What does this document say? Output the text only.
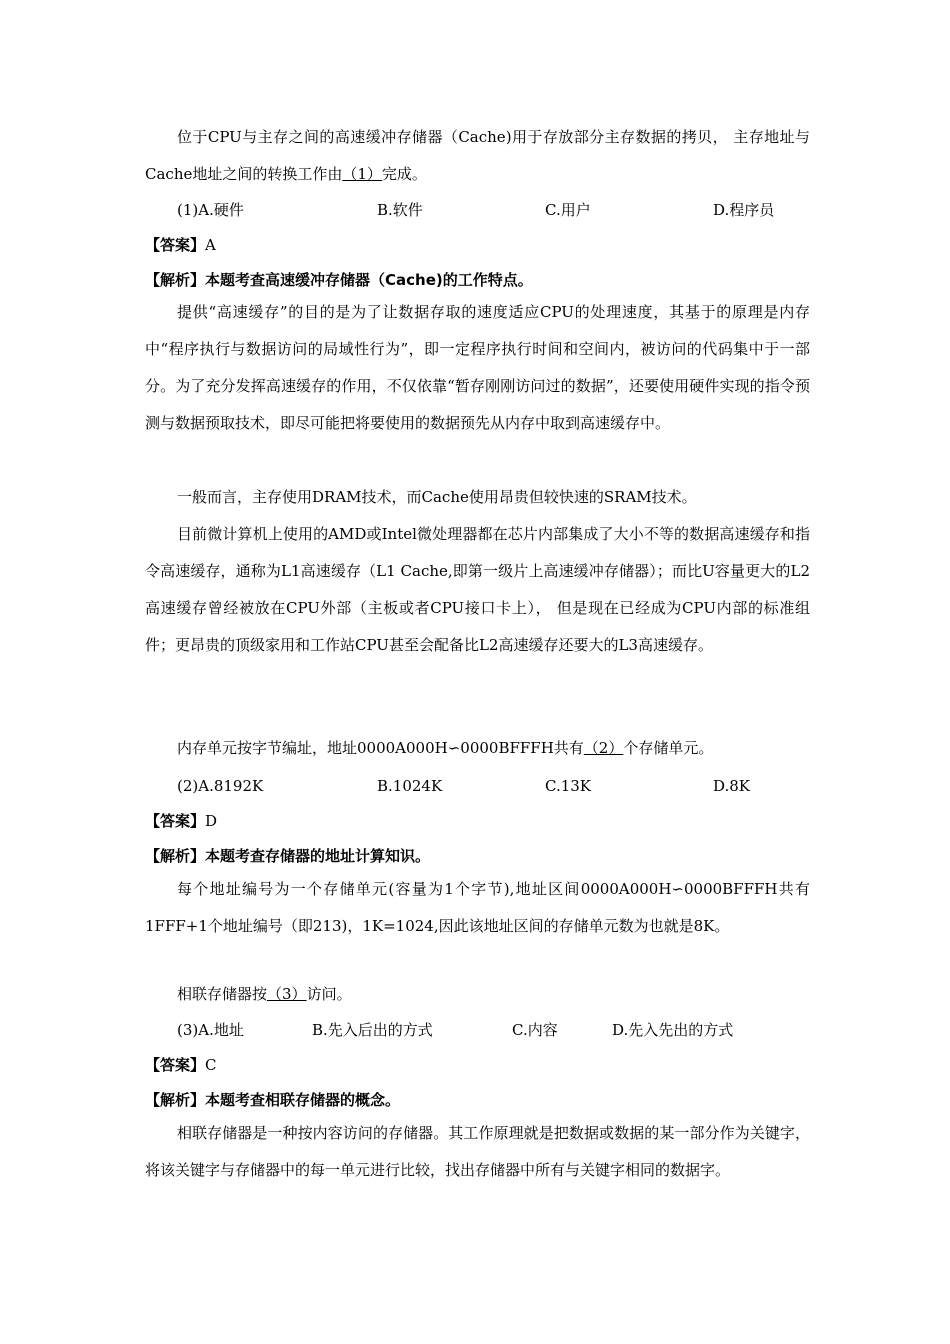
位于CPU与主存之间的高速缓冲存储器（Cache)用于存放部分主存数据的拷贝， 主存地址与Cache地址之间的转换工作由（1）完成。
(1)A.硬件	B.软件	C.用户	D.程序员
【答案】A
【解析】本题考查高速缓冲存储器（Cache)的工作特点。
提供“高速缓存”的目的是为了让数据存取的速度适应CPU的处理速度，其基于的原理是内存中“程序执行与数据访问的局域性行为”，即一定程序执行时间和空间内，被访问的代码集中于一部分。为了充分发挥高速缓存的作用，不仅依靠“暂存刚刚访问过的数据”，还要使用硬件实现的指令预测与数据预取技术，即尽可能把将要使用的数据预先从内存中取到高速缓存中。
一般而言，主存使用DRAM技术，而Cache使用昂贵但较快速的SRAM技术。
目前微计算机上使用的AMD或Intel微处理器都在芯片内部集成了大小不等的数据高速缓存和指令高速缓存，通称为L1高速缓存（L1 Cache,即第一级片上高速缓冲存储器）；而比U容量更大的L2高速缓存曾经被放在CPU外部（主板或者CPU接口卡上）， 但是现在已经成为CPU内部的标准组件；更昂贵的顶级家用和工作站CPU甚至会配备比L2高速缓存还要大的L3高速缓存。
内存单元按字节编址，地址0000A000H∽0000BFFFH共有（2）个存储单元。
(2)A.8192K	B.1024K	C.13K	D.8K
【答案】D
【解析】本题考查存储器的地址计算知识。
每个地址编号为一个存储单元(容量为1个字节),地址区间0000A000H∽0000BFFFH共有1FFF+1个地址编号（即213)，1K=1024,因此该地址区间的存储单元数为也就是8K。
相联存储器按（3）访问。
(3)A.地址	B.先入后出的方式	C.内容	D.先入先出的方式
【答案】C
【解析】本题考查相联存储器的概念。
相联存储器是一种按内容访问的存储器。其工作原理就是把数据或数据的某一部分作为关键字，将该关键字与存储器中的每一单元进行比较，找出存储器中所有与关键字相同的数据字。
